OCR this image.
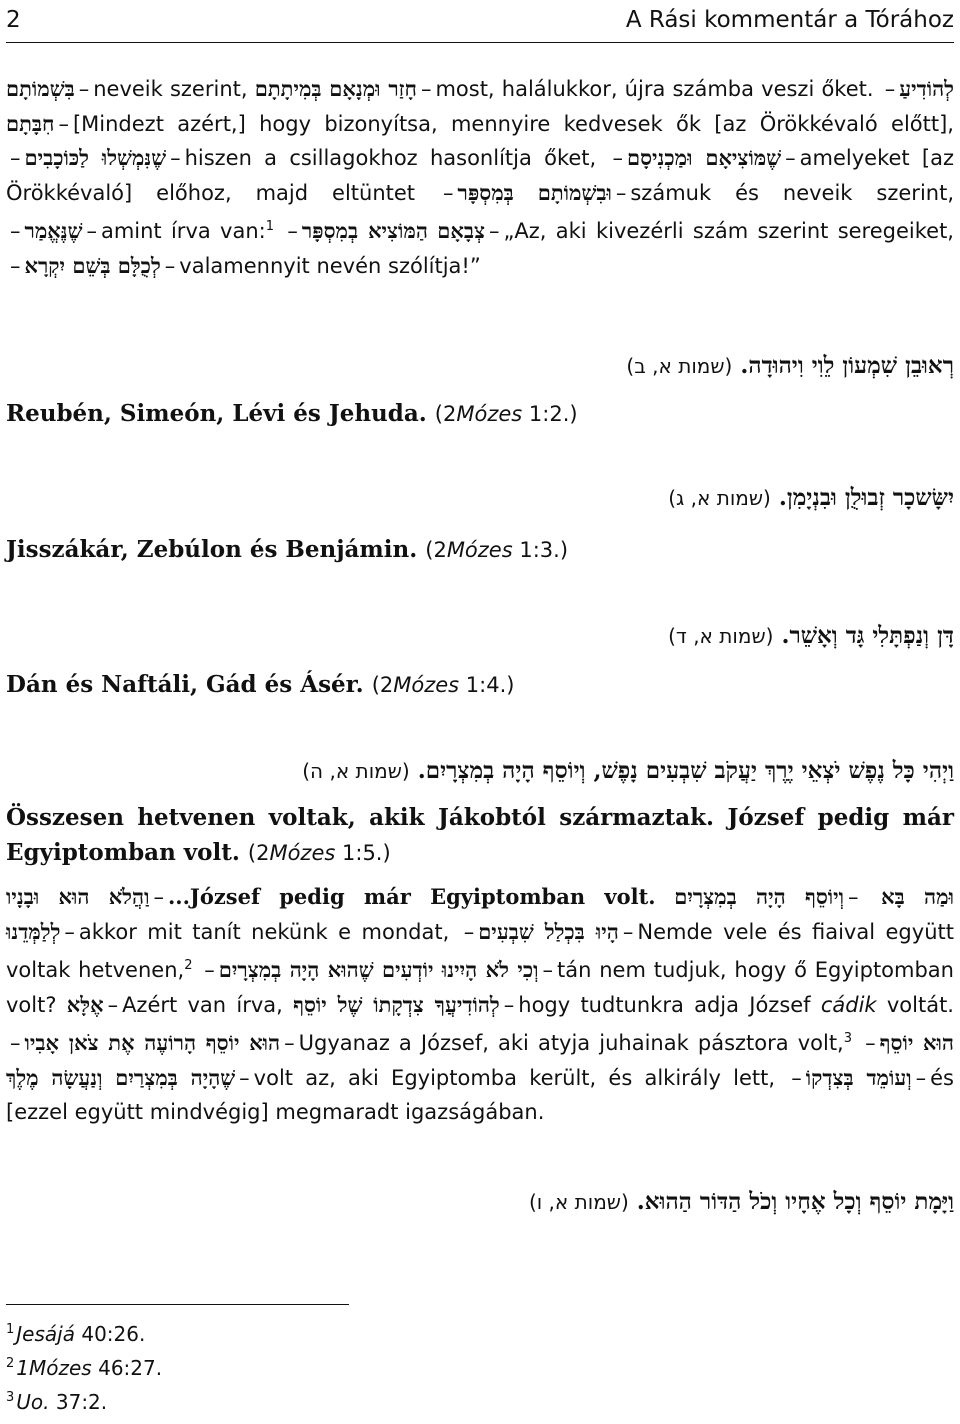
2	A Rási kommentár a Tórához
בִּשְׁמוֹתָם – neveik szerint, חָזַר וּמְנָאָם בְּמִיתָתָם – most, halálukkor, újra számba veszi őket. – לְהוֹדִיעַ חִבָּתָם – [Mindezt azért,] hogy bizonyítsa, mennyire kedvesek ők [az Örökkévaló előtt], – שֶׁנִּמְשְׁלוּ לַכּוֹכָבִים – hiszen a csillagokhoz hasonlítja őket, – שֶׁמּוֹצִיאָם וּמַכְנִיסָם – amelyeket [az Örökkévaló] előhoz, majd eltüntet – בְּמִסְפָּר וּבִשְׁמוֹתָם – számuk és neveik szerint, – שֶׁנֶּאֱמַר – amint írva van:$^1$ – הַמּוֹצִיא בְמִסְפָּר צְבָאָם – „Az, aki kivezérli szám szerint seregeiket, – לְכֻלָּם בְּשֵׁם יִקְרָא – valamennyit nevén szólítja!”
רְאוּבֵן שִׁמְעוֹן לֵוִי וִיהוּדָה. (שמות א, ב)
Reubén, Simeón, Lévi és Jehuda. (2Mózes 1:2.)
יִשָּׂשכָר זְבוּלֻן וּבִנְיָמִן. (שמות א, ג)
Jisszákár, Zebúlon és Benjámin. (2Mózes 1:3.)
דָּן וְנַפְתָּלִי גָּד וְאָשֵׁר. (שמות א, ד)
Dán és Naftáli, Gád és Ásér. (2Mózes 1:4.)
וַיְהִי כָּל נֶפֶשׁ יֹצְאֵי יֶרֶךְ יַעֲקֹב שִׁבְעִים נָפֶשׁ, וְיוֹסֵף הָיָה בְמִצְרָיִם. (שמות א, ה)
Összesen hetvenen voltak, akik Jákobtól származtak. József pedig már Egyiptomban volt. (2Mózes 1:5.)
וַהֲלֹא הוּא וּבָנָיו – ...József pedig már Egyiptomban volt. וְיוֹסֵף הָיָה בְמִצְרָיִם – וּמַה בָּא לְלַמְּדֵנוּ – akkor mit tanít nekünk e mondat, – הָיוּ בִּכְלַל שִׁבְעִים – Nemde vele és fiaival együtt voltak hetvenen,$^2$ – וְכִי לֹא הָיִינוּ יוֹדְעִים שֶׁהוּא הָיָה בְמִצְרָיִם – tán nem tudjuk, hogy ő Egyiptomban volt? אֶלָּא – Azért van írva, לְהוֹדִיעֲךָ צִדְקָתוֹ שֶׁל יוֹסֵף – hogy tudtunkra adja József cádik voltát. – הוּא יוֹסֵף הָרוֹעֶה אֶת צֹאן אָבִיו – Ugyanaz a József, aki atyja juhainak pásztora volt,$^3$ – הוּא יוֹסֵף שֶׁהָיָה בְּמִצְרַיִם וְנַעֲשָׂה מֶלֶךְ – volt az, aki Egyiptomba került, és alkirály lett, – וְעוֹמֵד בְּצִדְקוֹ – és [ezzel együtt mindvégig] megmaradt igazságában.
וַיָּמָת יוֹסֵף וְכָל אֶחָיו וְכֹל הַדּוֹר הַהוּא. (שמות א, ו)
$^1$ Jesájá 40:26.
$^2$ 1Mózes 46:27.
$^3$ Uo. 37:2.
